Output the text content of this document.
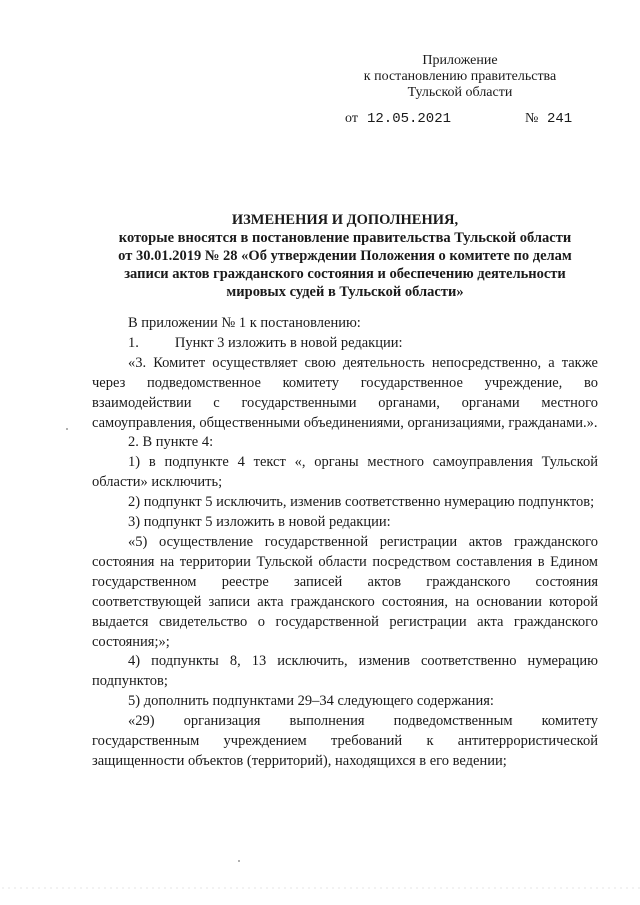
Приложение
к постановлению правительства
Тульской области
от 12.05.2021	№ 241
ИЗМЕНЕНИЯ И ДОПОЛНЕНИЯ,
которые вносятся в постановление правительства Тульской области
от 30.01.2019 № 28 «Об утверждении Положения о комитете по делам
записи актов гражданского состояния и обеспечению деятельности
мировых судей в Тульской области»

В приложении № 1 к постановлению:

1. Пункт 3 изложить в новой редакции:

«3. Комитет осуществляет свою деятельность непосредственно, а также через подведомственное комитету государственное учреждение, во взаимодействии с государственными органами, органами местного самоуправления, общественными объединениями, организациями, гражданами.».

2. В пункте 4:

1) в подпункте 4 текст «, органы местного самоуправления Тульской области» исключить;

2) подпункт 5 исключить, изменив соответственно нумерацию подпунктов;

3) подпункт 5 изложить в новой редакции:

«5) осуществление государственной регистрации актов гражданского состояния на территории Тульской области посредством составления в Едином государственном реестре записей актов гражданского состояния соответствующей записи акта гражданского состояния, на основании которой выдается свидетельство о государственной регистрации акта гражданского состояния;»;

4) подпункты 8, 13 исключить, изменив соответственно нумерацию подпунктов;

5) дополнить подпунктами 29–34 следующего содержания:

«29) организация выполнения подведомственным комитету государственным учреждением требований к антитеррористической защищенности объектов (территорий), находящихся в его ведении;
